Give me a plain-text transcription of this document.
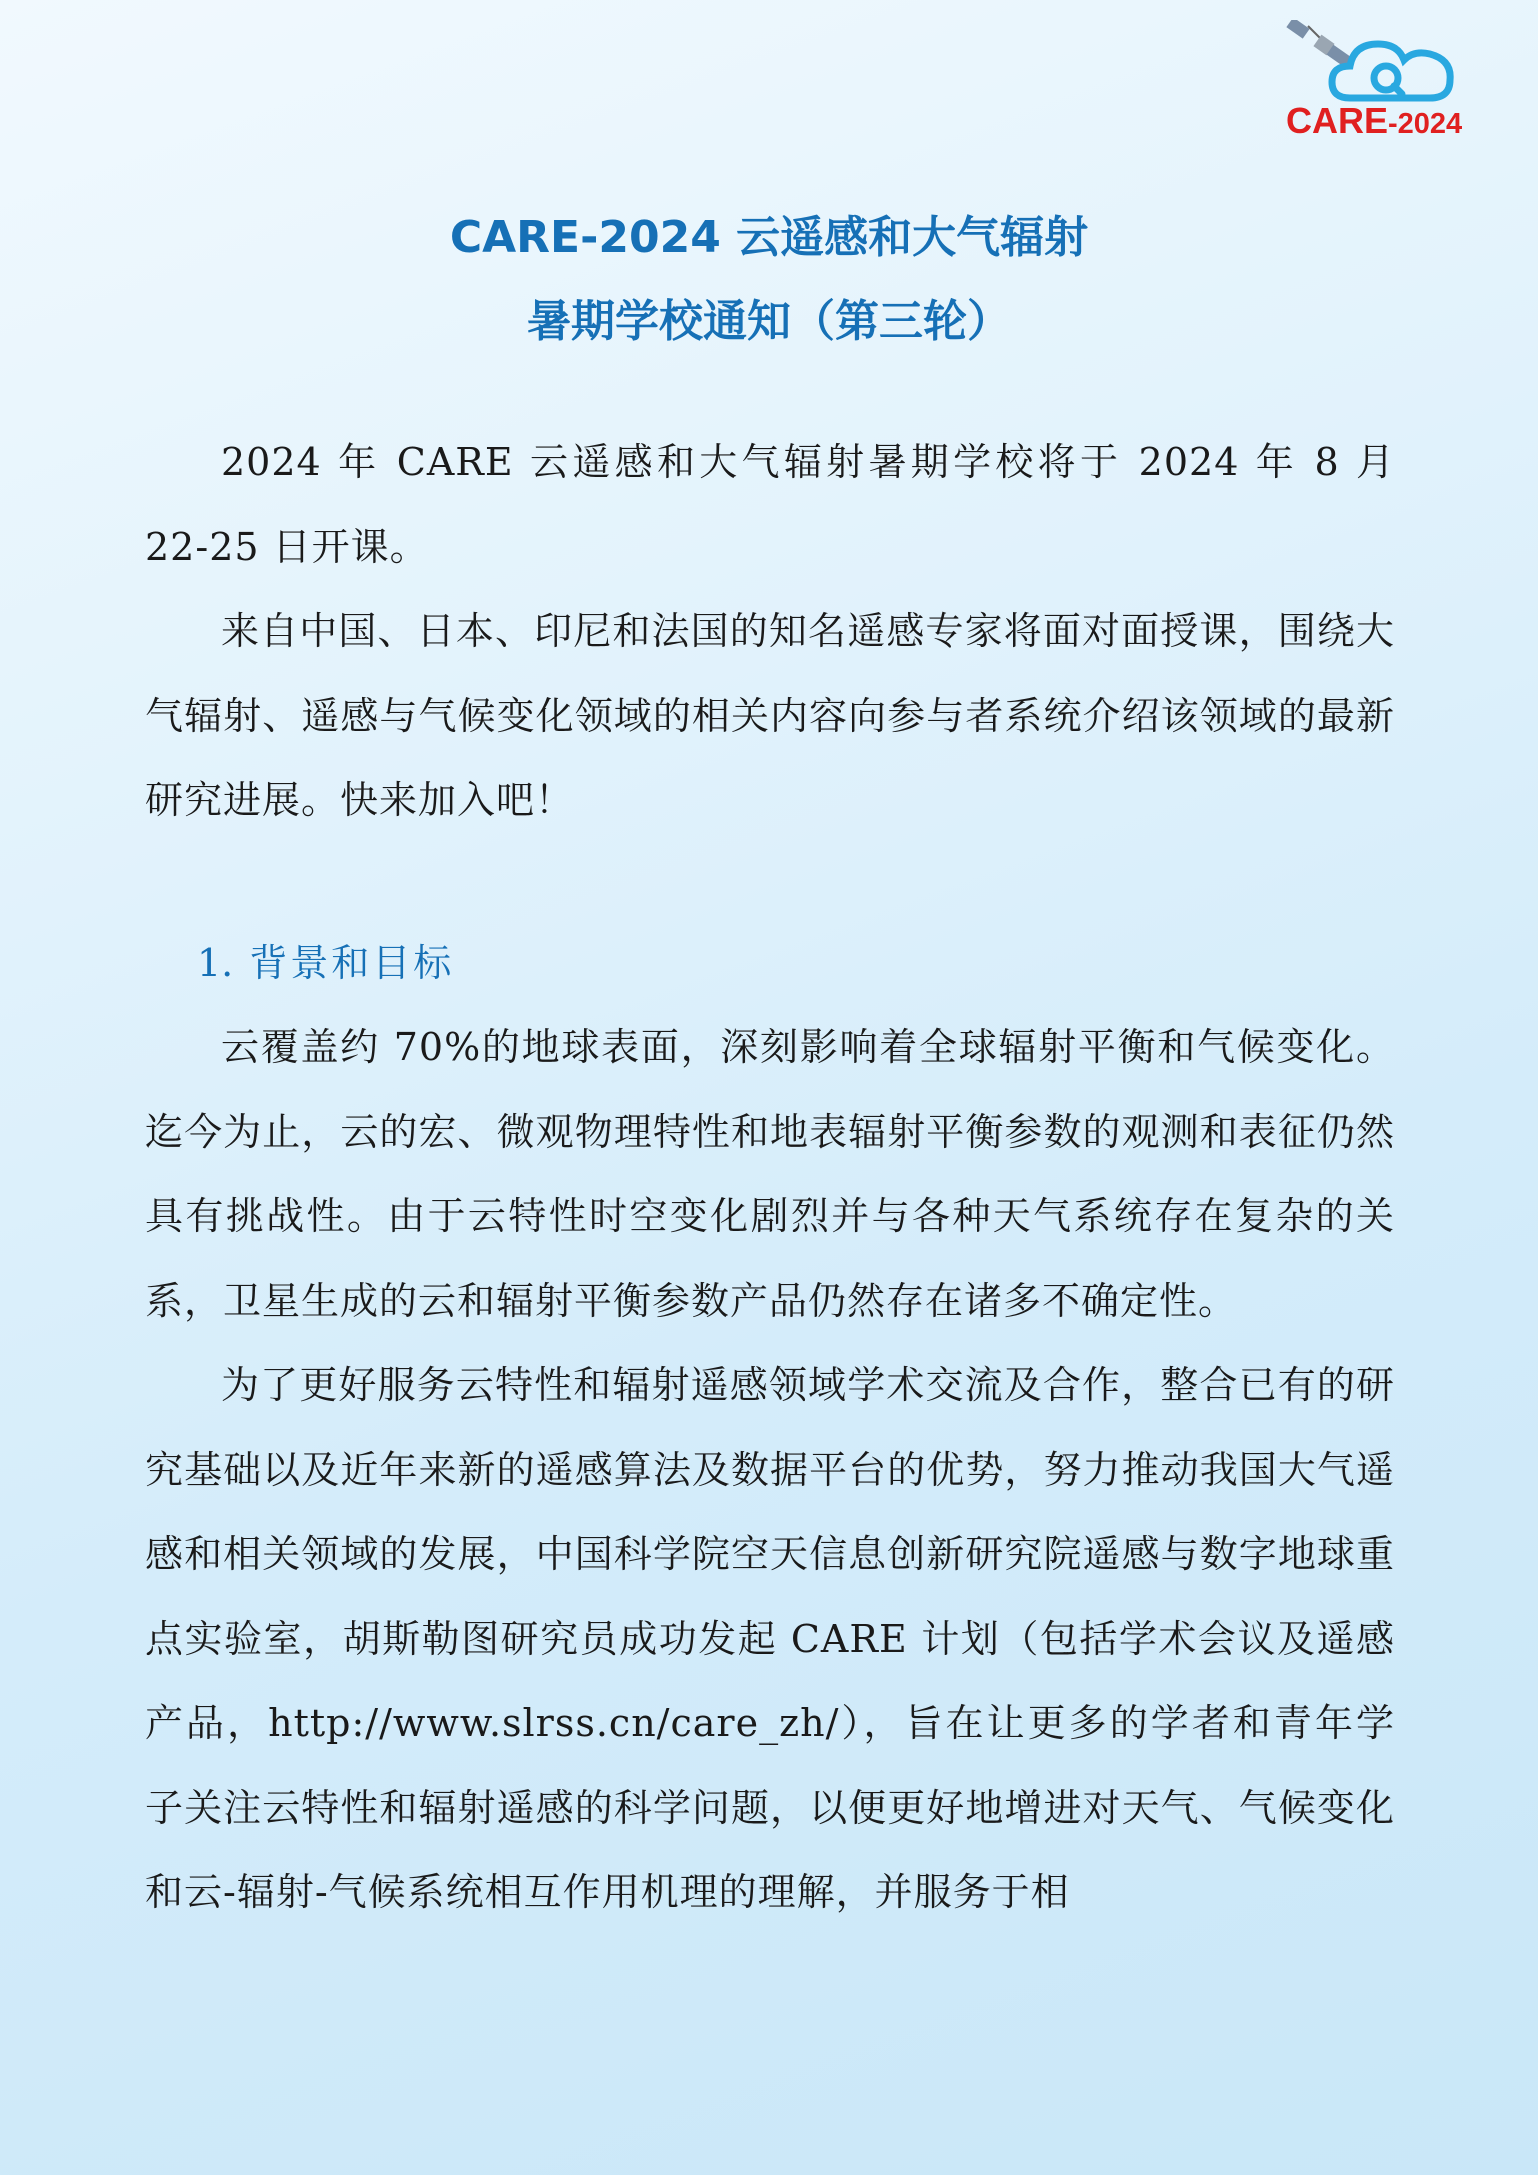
CARE-2024
CARE-2024 云遥感和大气辐射
暑期学校通知（第三轮）

2024 年 CARE 云遥感和大气辐射暑期学校将于 2024 年 8 月 22-25 日开课。

来自中国、日本、印尼和法国的知名遥感专家将面对面授课，围绕大气辐射、遥感与气候变化领域的相关内容向参与者系统介绍该领域的最新研究进展。快来加入吧！

1. 背景和目标

云覆盖约 70%的地球表面，深刻影响着全球辐射平衡和气候变化。迄今为止，云的宏、微观物理特性和地表辐射平衡参数的观测和表征仍然具有挑战性。由于云特性时空变化剧烈并与各种天气系统存在复杂的关系，卫星生成的云和辐射平衡参数产品仍然存在诸多不确定性。

为了更好服务云特性和辐射遥感领域学术交流及合作，整合已有的研究基础以及近年来新的遥感算法及数据平台的优势，努力推动我国大气遥感和相关领域的发展，中国科学院空天信息创新研究院遥感与数字地球重点实验室，胡斯勒图研究员成功发起 CARE 计划（包括学术会议及遥感产品，http://www.slrss.cn/care_zh/），旨在让更多的学者和青年学子关注云特性和辐射遥感的科学问题，以便更好地增进对天气、气候变化和云-辐射-气候系统相互作用机理的理解，并服务于相
